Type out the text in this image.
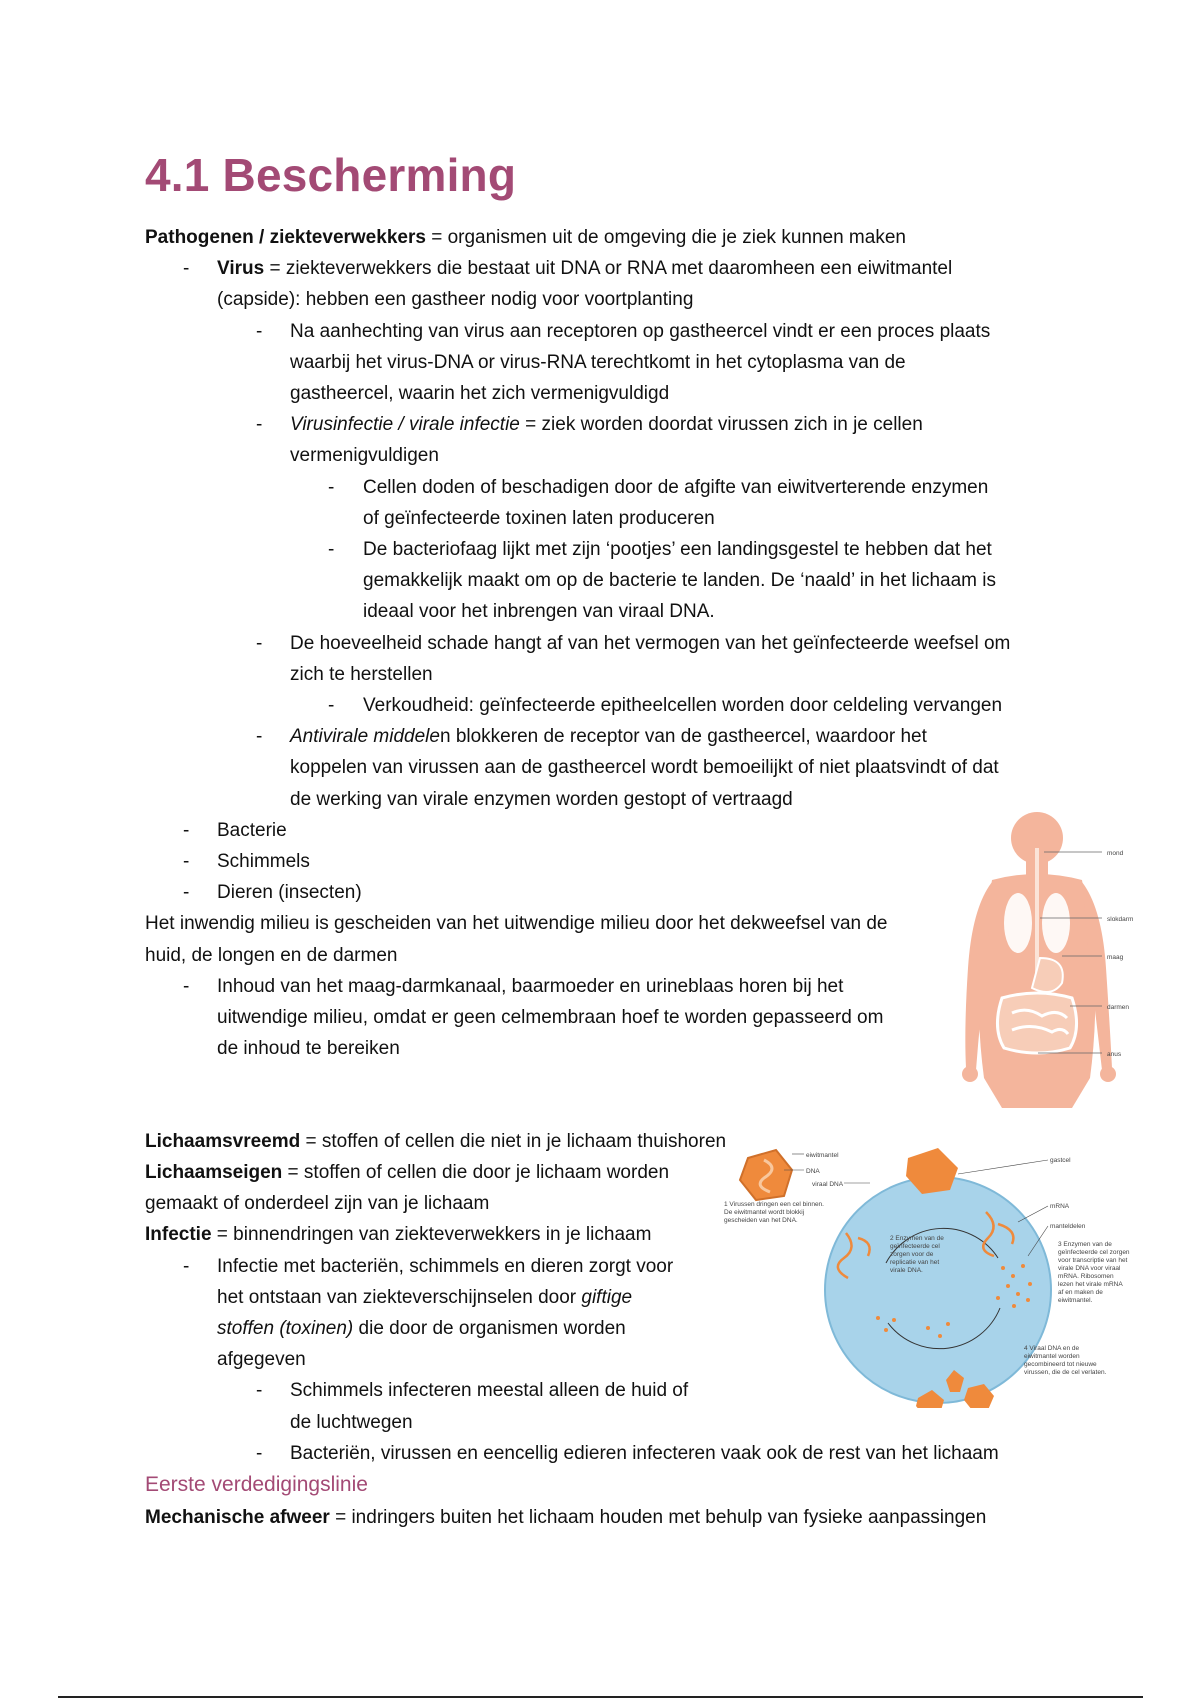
4.1 Bescherming
Pathogenen / ziekteverwekkers = organismen uit de omgeving die je ziek kunnen maken
- Virus = ziekteverwekkers die bestaat uit DNA or RNA met daaromheen een eiwitmantel
(capside): hebben een gastheer nodig voor voortplanting
- Na aanhechting van virus aan receptoren op gastheercel vindt er een proces plaats
waarbij het virus-DNA or virus-RNA terechtkomt in het cytoplasma van de
gastheercel, waarin het zich vermenigvuldigd
- Virusinfectie / virale infectie = ziek worden doordat virussen zich in je cellen
vermenigvuldigen
- Cellen doden of beschadigen door de afgifte van eiwitverterende enzymen
of geïnfecteerde toxinen laten produceren
- De bacteriofaag lijkt met zijn ‘pootjes’ een landingsgestel te hebben dat het
gemakkelijk maakt om op de bacterie te landen. De ‘naald’ in het lichaam is
ideaal voor het inbrengen van viraal DNA.
- De hoeveelheid schade hangt af van het vermogen van het geïnfecteerde weefsel om
zich te herstellen
- Verkoudheid: geïnfecteerde epitheelcellen worden door celdeling vervangen
- Antivirale middelen blokkeren de receptor van de gastheercel, waardoor het
koppelen van virussen aan de gastheercel wordt bemoeilijkt of niet plaatsvindt of dat
de werking van virale enzymen worden gestopt of vertraagd
- Bacterie
- Schimmels
- Dieren (insecten)
Het inwendig milieu is gescheiden van het uitwendige milieu door het dekweefsel van de
huid, de longen en de darmen
- Inhoud van het maag-darmkanaal, baarmoeder en urineblaas horen bij het
uitwendige milieu, omdat er geen celmembraan hoef te worden gepasseerd om
de inhoud te bereiken
Lichaamsvreemd = stoffen of cellen die niet in je lichaam thuishoren
Lichaamseigen = stoffen of cellen die door je lichaam worden
gemaakt of onderdeel zijn van je lichaam
Infectie = binnendringen van ziekteverwekkers in je lichaam
- Infectie met bacteriën, schimmels en dieren zorgt voor
het ontstaan van ziekteverschijnselen door giftige
stoffen (toxinen) die door de organismen worden
afgegeven
- Schimmels infecteren meestal alleen de huid of
de luchtwegen
- Bacteriën, virussen en eencellig edieren infecteren vaak ook de rest van het lichaam
mond
slokdarm
maag
darmen
anus
eiwitmantel
DNA
viraal DNA
gastcel
mRNA
manteldelen
1 Virussen dringen een cel binnen.
De eiwitmantel wordt blokkij
gescheiden van het DNA.
2 Enzymen van de
geïnfecteerde cel
zorgen voor de
replicatie van het
virale DNA.
3 Enzymen van de
geïnfecteerde cel zorgen
voor transcriptie van het
virale DNA voor viraal
mRNA. Ribosomen
lezen het virale mRNA
af en maken de
eiwitmantel.
4 Viraal DNA en de
eiwitmantel worden
gecombineerd tot nieuwe
virussen, die de cel verlaten.
Eerste verdedigingslinie
Mechanische afweer = indringers buiten het lichaam houden met behulp van fysieke aanpassingen
